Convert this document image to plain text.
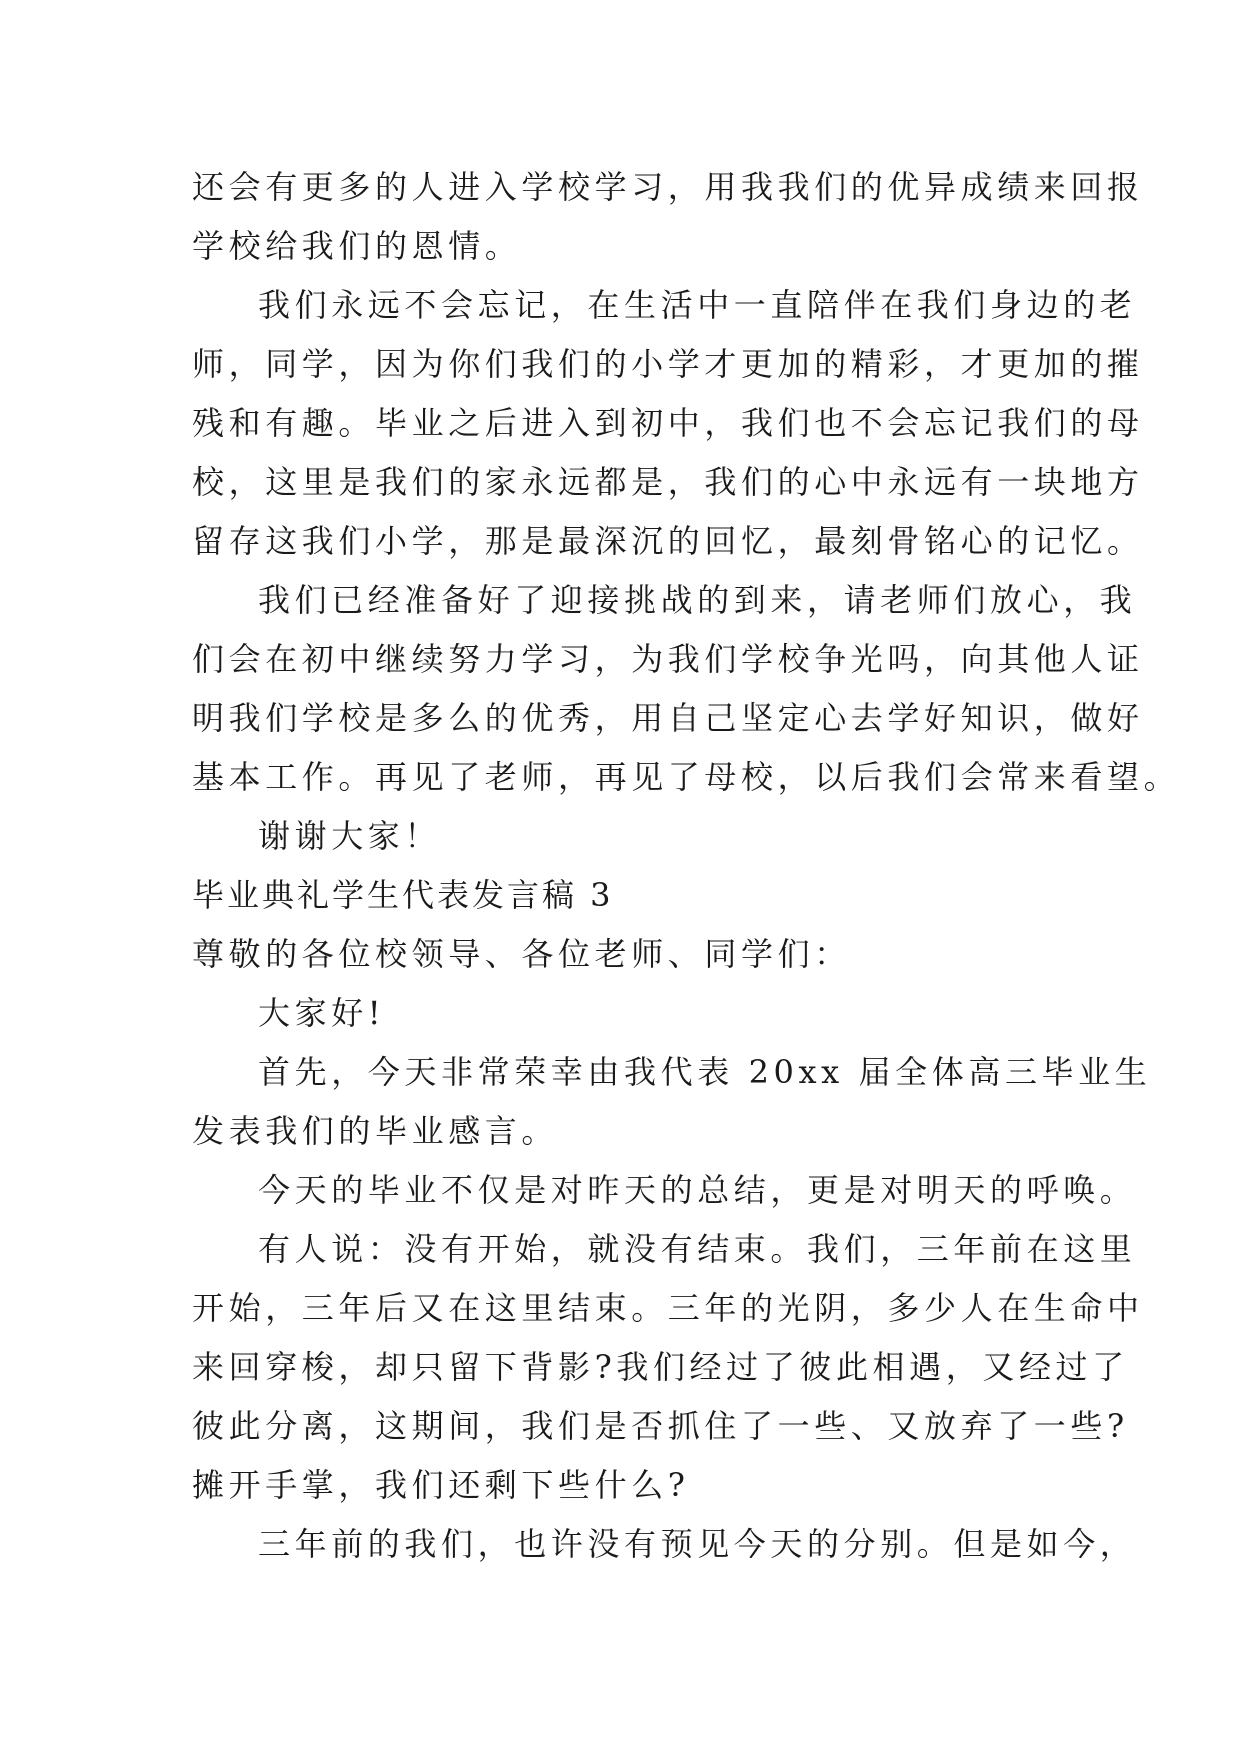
还会有更多的人进入学校学习，用我我们的优异成绩来回报
学校给我们的恩情。
我们永远不会忘记，在生活中一直陪伴在我们身边的老
师，同学，因为你们我们的小学才更加的精彩，才更加的摧
残和有趣。毕业之后进入到初中，我们也不会忘记我们的母
校，这里是我们的家永远都是，我们的心中永远有一块地方
留存这我们小学，那是最深沉的回忆，最刻骨铭心的记忆。
我们已经准备好了迎接挑战的到来，请老师们放心，我
们会在初中继续努力学习，为我们学校争光吗，向其他人证
明我们学校是多么的优秀，用自己坚定心去学好知识，做好
基本工作。再见了老师，再见了母校，以后我们会常来看望。
谢谢大家！
毕业典礼学生代表发言稿 3
尊敬的各位校领导、各位老师、同学们：
大家好!
首先，今天非常荣幸由我代表 20xx 届全体高三毕业生
发表我们的毕业感言。
今天的毕业不仅是对昨天的总结，更是对明天的呼唤。
有人说：没有开始，就没有结束。我们，三年前在这里
开始，三年后又在这里结束。三年的光阴，多少人在生命中
来回穿梭，却只留下背影?我们经过了彼此相遇，又经过了
彼此分离，这期间，我们是否抓住了一些、又放弃了一些?
摊开手掌，我们还剩下些什么?
三年前的我们，也许没有预见今天的分别。但是如今，
